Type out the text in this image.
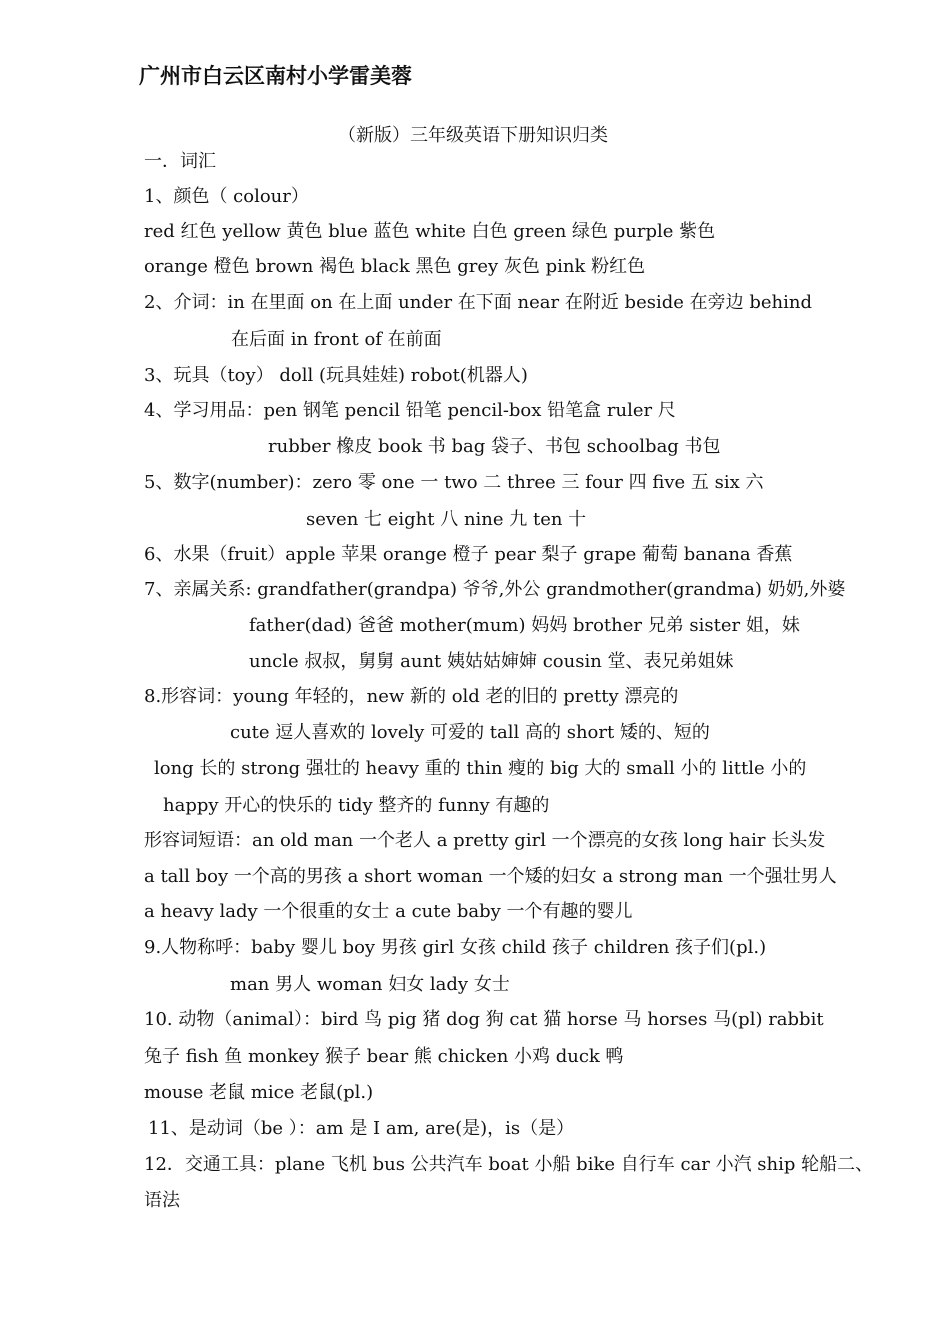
广州市白云区南村小学雷美蓉
（新版）三年级英语下册知识归类
一．词汇
1、颜色（ colour）
red 红色 yellow 黄色 blue 蓝色 white 白色 green 绿色 purple 紫色
orange 橙色 brown 褐色 black 黑色 grey 灰色 pink 粉红色
2、介词：in 在里面 on 在上面 under 在下面 near 在附近 beside 在旁边 behind
在后面 in front of 在前面
3、玩具（toy） doll (玩具娃娃) robot(机器人)
4、学习用品：pen 钢笔 pencil 铅笔 pencil-box 铅笔盒 ruler 尺
rubber 橡皮 book 书 bag 袋子、书包 schoolbag 书包
5、数字(number)：zero 零 one 一 two 二 three 三 four 四 five 五 six 六
seven 七 eight 八 nine 九 ten 十
6、水果（fruit）apple 苹果 orange 橙子 pear 梨子 grape 葡萄 banana 香蕉
7、亲属关系: grandfather(grandpa) 爷爷,外公 grandmother(grandma) 奶奶,外婆
father(dad) 爸爸 mother(mum) 妈妈 brother 兄弟 sister 姐，妹
uncle 叔叔，舅舅 aunt 姨姑姑婶婶 cousin 堂、表兄弟姐妹
8.形容词：young 年轻的，new 新的 old 老的旧的 pretty 漂亮的
cute 逗人喜欢的 lovely 可爱的 tall 高的 short 矮的、短的
long 长的 strong 强壮的 heavy 重的 thin 瘦的 big 大的 small 小的 little 小的
happy 开心的快乐的 tidy 整齐的 funny 有趣的
形容词短语：an old man 一个老人 a pretty girl 一个漂亮的女孩 long hair 长头发
a tall boy 一个高的男孩 a short woman 一个矮的妇女 a strong man 一个强壮男人
a heavy lady 一个很重的女士 a cute baby 一个有趣的婴儿
9.人物称呼：baby 婴儿 boy 男孩 girl 女孩 child 孩子 children 孩子们(pl.)
man 男人 woman 妇女 lady 女士
10. 动物（animal）：bird 鸟 pig 猪 dog 狗 cat 猫 horse 马 horses 马(pl) rabbit
兔子 fish 鱼 monkey 猴子 bear 熊 chicken 小鸡 duck 鸭
mouse 老鼠 mice 老鼠(pl.)
11、是动词（be ）：am 是 I am, are(是)，is（是）
12．交通工具：plane 飞机 bus 公共汽车 boat 小船 bike 自行车 car 小汽 ship 轮船二、
语法
